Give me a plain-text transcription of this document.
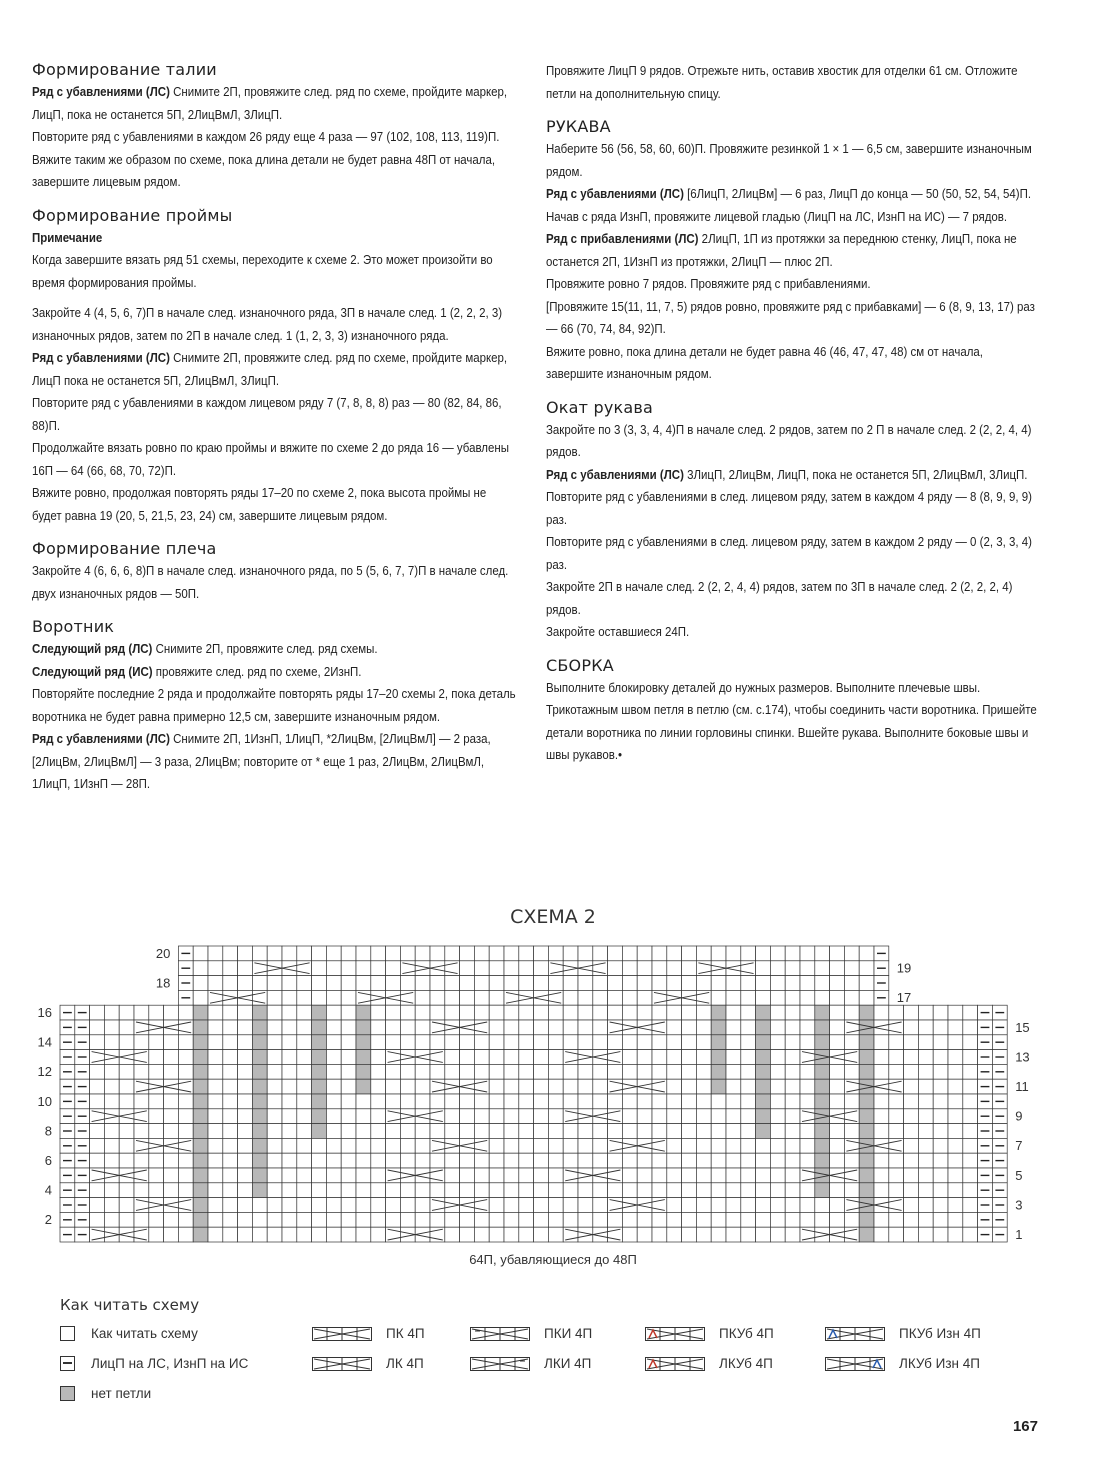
Формирование талии

Ряд с убавлениями (ЛС) Снимите 2П, провяжите след. ряд по схеме, пройдите маркер, ЛицП, пока не останется 5П, 2ЛицВмЛ, 3ЛицП.

Повторите ряд с убавлениями в каждом 26 ряду еще 4 раза — 97 (102, 108, 113, 119)П.

Вяжите таким же образом по схеме, пока длина детали не будет равна 48П от начала, завершите лицевым рядом.

Формирование проймы

Примечание

Когда завершите вязать ряд 51 схемы, переходите к схеме 2. Это может произойти во время формирования проймы.

Закройте 4 (4, 5, 6, 7)П в начале след. изнаночного ряда, 3П в начале след. 1 (2, 2, 2, 3) изнаночных рядов, затем по 2П в начале след. 1 (1, 2, 3, 3) изнаночного ряда.

Ряд с убавлениями (ЛС) Снимите 2П, провяжите след. ряд по схеме, пройдите маркер, ЛицП пока не останется 5П, 2ЛицВмЛ, 3ЛицП.

Повторите ряд с убавлениями в каждом лицевом ряду 7 (7, 8, 8, 8) раз — 80 (82, 84, 86, 88)П.

Продолжайте вязать ровно по краю проймы и вяжите по схеме 2 до ряда 16 — убавлены 16П — 64 (66, 68, 70, 72)П.

Вяжите ровно, продолжая повторять ряды 17–20 по схеме 2, пока высота проймы не будет равна 19 (20, 5, 21,5, 23, 24) см, завершите лицевым рядом.

Формирование плеча

Закройте 4 (6, 6, 6, 8)П в начале след. изнаночного ряда, по 5 (5, 6, 7, 7)П в начале след. двух изнаночных рядов — 50П.

Воротник

Следующий ряд (ЛС) Снимите 2П, провяжите след. ряд схемы.

Следующий ряд (ИС) провяжите след. ряд по схеме, 2ИзнП.

Повторяйте последние 2 ряда и продолжайте повторять ряды 17–20 схемы 2, пока деталь воротника не будет равна примерно 12,5 см, завершите изнаночным рядом.

Ряд с убавлениями (ЛС) Снимите 2П, 1ИзнП, 1ЛицП, *2ЛицВм, [2ЛицВмЛ] — 2 раза, [2ЛицВм, 2ЛицВмЛ] — 3 раза, 2ЛицВм; повторите от * еще 1 раз, 2ЛицВм, 2ЛицВмЛ, 1ЛицП, 1ИзнП — 28П.

Провяжите ЛицП 9 рядов. Отрежьте нить, оставив хвостик для отделки 61 см. Отложите петли на дополнительную спицу.

РУКАВА

Наберите 56 (56, 58, 60, 60)П. Провяжите резинкой 1 × 1 — 6,5 см, завершите изнаночным рядом.

Ряд с убавлениями (ЛС) [6ЛицП, 2ЛицВм] — 6 раз, ЛицП до конца — 50 (50, 52, 54, 54)П.

Начав с ряда ИзнП, провяжите лицевой гладью (ЛицП на ЛС, ИзнП на ИС) — 7 рядов.

Ряд с прибавлениями (ЛС) 2ЛицП, 1П из протяжки за переднюю стенку, ЛицП, пока не останется 2П, 1ИзнП из протяжки, 2ЛицП — плюс 2П.

Провяжите ровно 7 рядов. Провяжите ряд с прибавлениями.

[Провяжите 15(11, 11, 7, 5) рядов ровно, провяжите ряд с прибавками] — 6 (8, 9, 13, 17) раз — 66 (70, 74, 84, 92)П.

Вяжите ровно, пока длина детали не будет равна 46 (46, 47, 47, 48) см от начала, завершите изнаночным рядом.

Окат рукава

Закройте по 3 (3, 3, 4, 4)П в начале след. 2 рядов, затем по 2 П в начале след. 2 (2, 2, 4, 4) рядов.

Ряд с убавлениями (ЛС) 3ЛицП, 2ЛицВм, ЛицП, пока не останется 5П, 2ЛицВмЛ, 3ЛицП.

Повторите ряд с убавлениями в след. лицевом ряду, затем в каждом 4 ряду — 8 (8, 9, 9, 9) раз.

Повторите ряд с убавлениями в след. лицевом ряду, затем в каждом 2 ряду — 0 (2, 3, 3, 4) раз.

Закройте 2П в начале след. 2 (2, 2, 4, 4) рядов, затем по 3П в начале след. 2 (2, 2, 2, 4) рядов.

Закройте оставшиеся 24П.

СБОРКА

Выполните блокировку деталей до нужных размеров. Выполните плечевые швы. Трикотажным швом петля в петлю (см. с.174), чтобы соединить части воротника. Пришейте детали воротника по линии горловины спинки. Вшейте рукава. Выполните боковые швы и швы рукавов.•

СХЕМА 2
20
18
16
14
12
10
8
6
4
2
19
17
15
13
11
9
7
5
3
1
64П, убавляющиеся до 48П
Как читать схему
Как читать схему
ЛицП на ЛС, ИзнП на ИС
нет петли
ПК 4П
ЛК 4П
ПКИ 4П
ЛКИ 4П
ПКУб 4П
ЛКУб 4П
ПКУб Изн 4П
ЛКУб Изн 4П
167
